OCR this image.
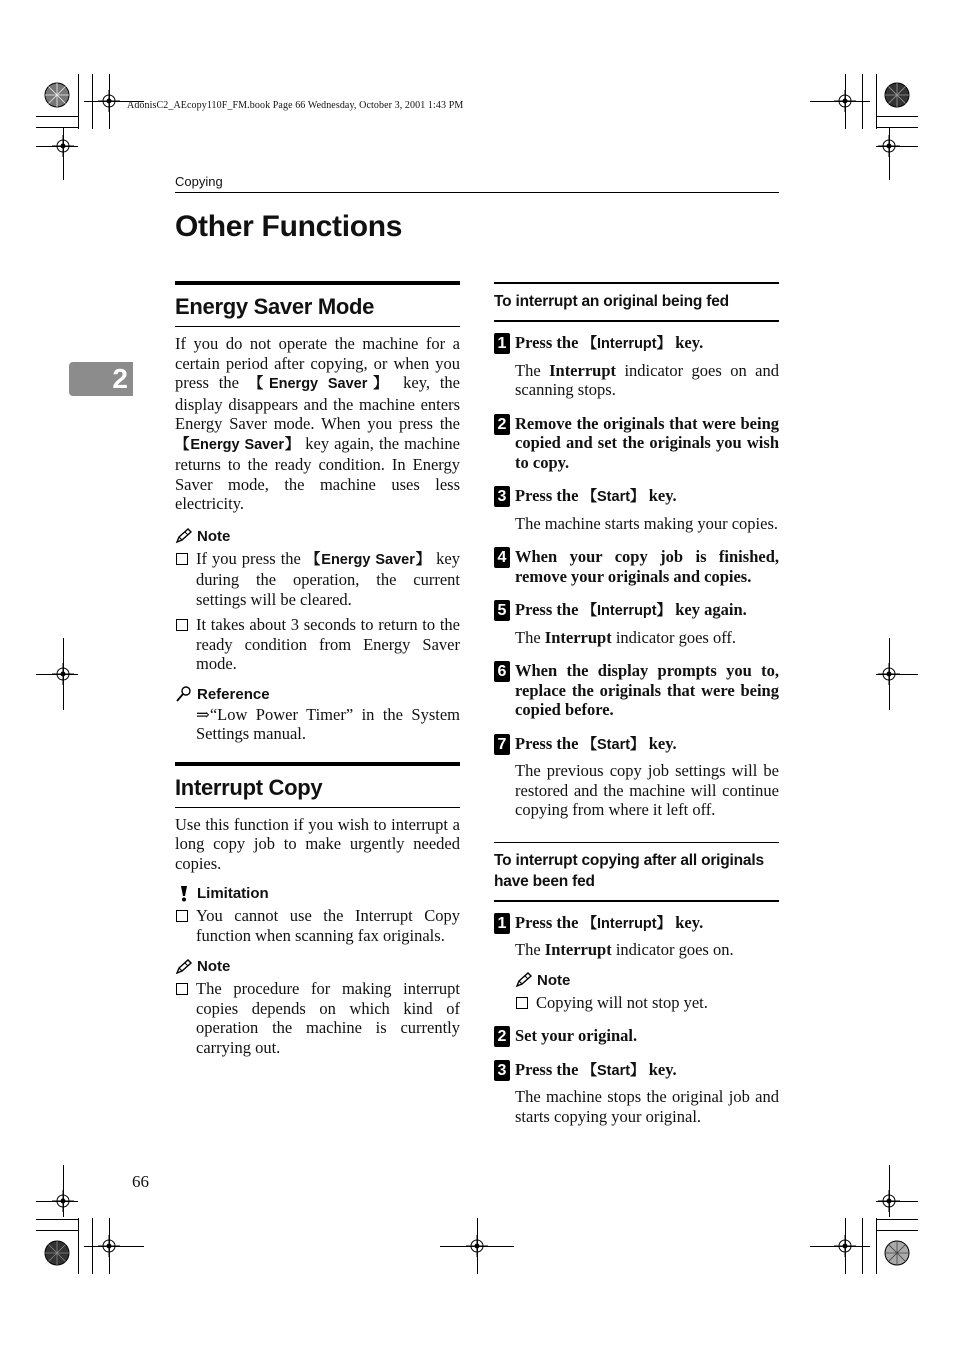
AdonisC2_AEcopy110F_FM.book Page 66 Wednesday, October 3, 2001 1:43 PM
Copying
Other Functions
2
Energy Saver Mode

If you do not operate the machine for a certain period after copying, or when you press the 【Energy Saver】 key, the display disappears and the machine enters Energy Saver mode. When you press the 【Energy Saver】 key again, the machine returns to the ready condition. In Energy Saver mode, the machine uses less electricity.

Note
If you press the 【Energy Saver】 key during the operation, the current settings will be cleared.
It takes about 3 seconds to return to the ready condition from Energy Saver mode.
Reference

⇒“Low Power Timer” in the System Settings manual.

Interrupt Copy

Use this function if you wish to interrupt a long copy job to make urgently needed copies.

Limitation
You cannot use the Interrupt Copy function when scanning fax originals.
Note
The procedure for making interrupt copies depends on which kind of operation the machine is currently carrying out.
To interrupt an original being fed
1 Press the 【Interrupt】 key.

The Interrupt indicator goes on and scanning stops.

2 Remove the originals that were being copied and set the originals you wish to copy.
3 Press the 【Start】 key.

The machine starts making your copies.

4 When your copy job is finished, remove your originals and copies.
5 Press the 【Interrupt】 key again.

The Interrupt indicator goes off.

6 When the display prompts you to, replace the originals that were being copied before.
7 Press the 【Start】 key.

The previous copy job settings will be restored and the machine will continue copying from where it left off.

To interrupt copying after all originals have been fed
1 Press the 【Interrupt】 key.

The Interrupt indicator goes on.

Note
Copying will not stop yet.
2 Set your original.
3 Press the 【Start】 key.

The machine stops the original job and starts copying your original.

66
